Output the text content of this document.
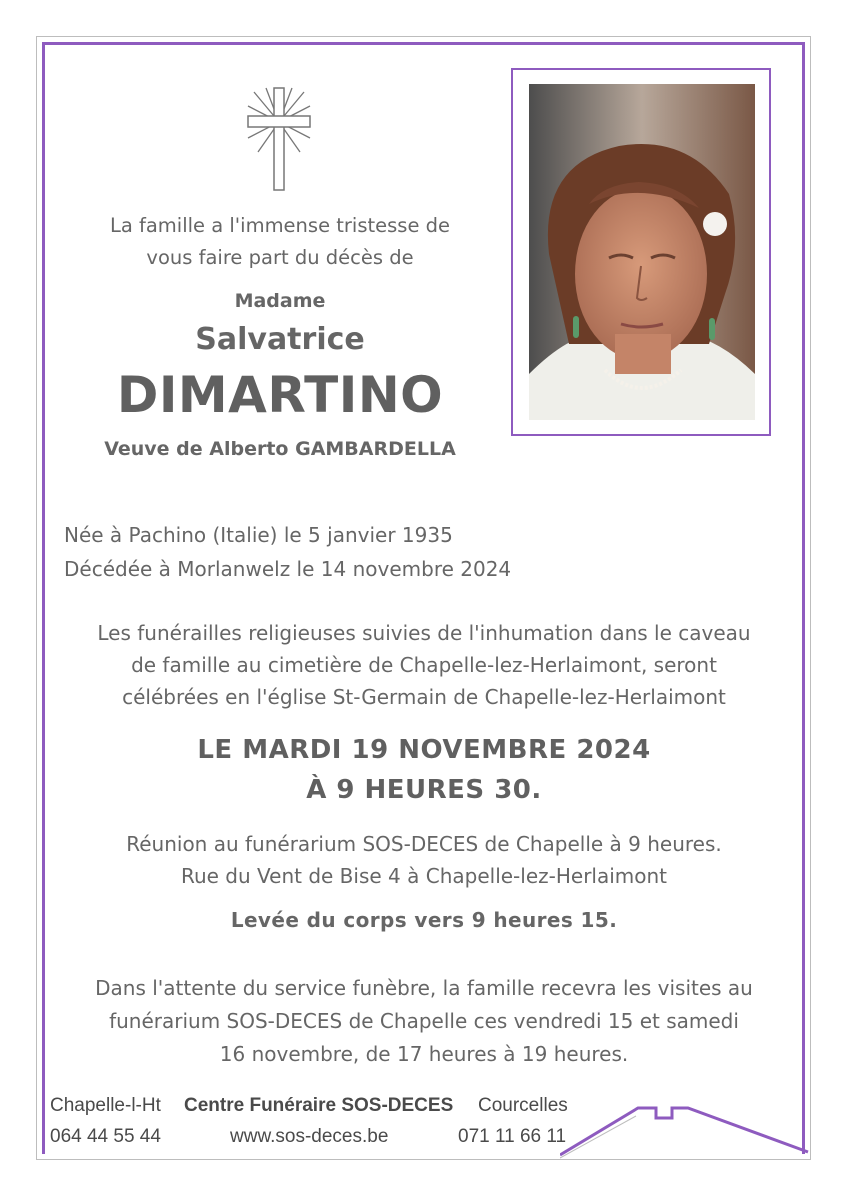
La famille a l'immense tristesse de
vous faire part du décès de
Madame
Salvatrice
DIMARTINO
Veuve de Alberto GAMBARDELLA
Née à Pachino (Italie) le 5 janvier 1935
Décédée à Morlanwelz le 14 novembre 2024
Les funérailles religieuses suivies de l'inhumation dans le caveau
de famille au cimetière de Chapelle-lez-Herlaimont, seront
célébrées en l'église St-Germain de Chapelle-lez-Herlaimont
LE MARDI 19 NOVEMBRE 2024
À 9 HEURES 30.
Réunion au funérarium SOS-DECES de Chapelle à 9 heures.
Rue du Vent de Bise 4 à Chapelle-lez-Herlaimont
Levée du corps vers 9 heures 15.
Dans l'attente du service funèbre, la famille recevra les visites au
funérarium SOS-DECES de Chapelle ces vendredi 15 et samedi
16 novembre, de 17 heures à 19 heures.
Chapelle-l-Ht
064 44 55 44
Centre Funéraire SOS-DECES
www.sos-deces.be
Courcelles
071 11 66 11
